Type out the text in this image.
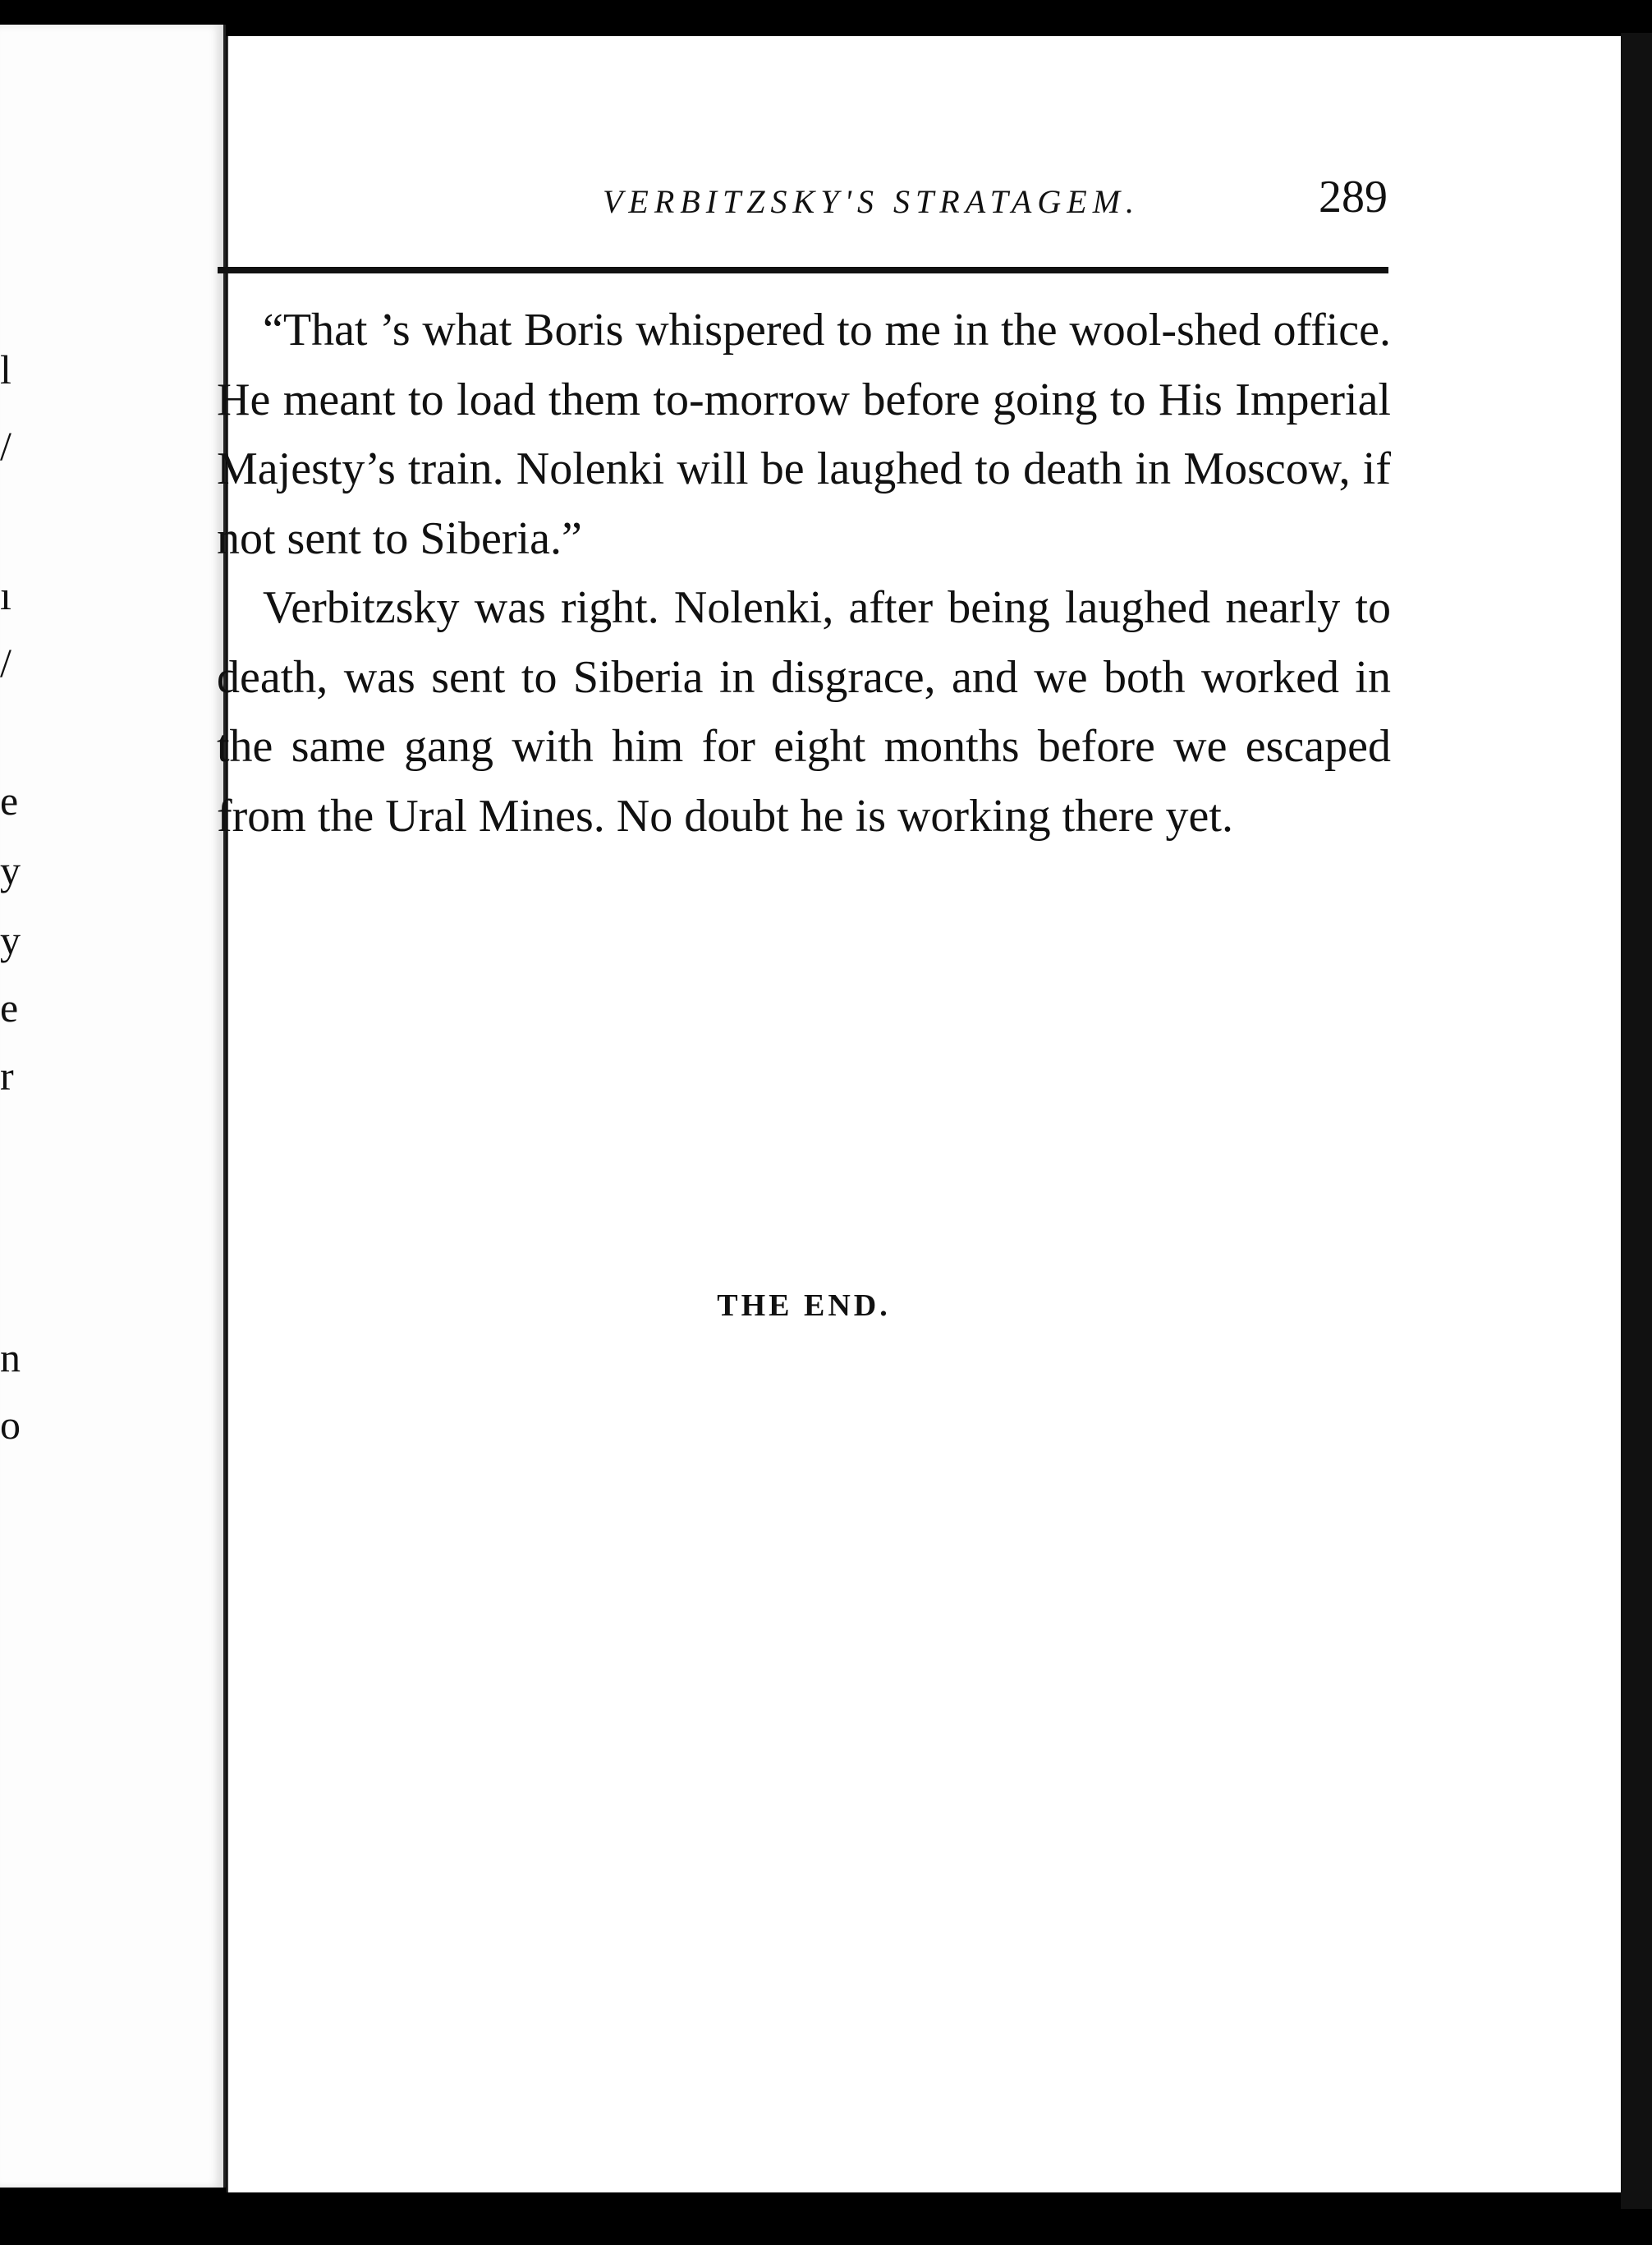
l
/
ı
/
e
y
y
e
r
n
o
VERBITZSKY'S STRATAGEM.	289

“That ’s what Boris whispered to me in the wool-shed office. He meant to load them to-morrow before going to His Imperial Majesty’s train. Nolenki will be laughed to death in Moscow, if not sent to Siberia.”

Verbitzsky was right. Nolenki, after being laughed nearly to death, was sent to Siberia in disgrace, and we both worked in the same gang with him for eight months before we escaped from the Ural Mines. No doubt he is working there yet.

THE END.
